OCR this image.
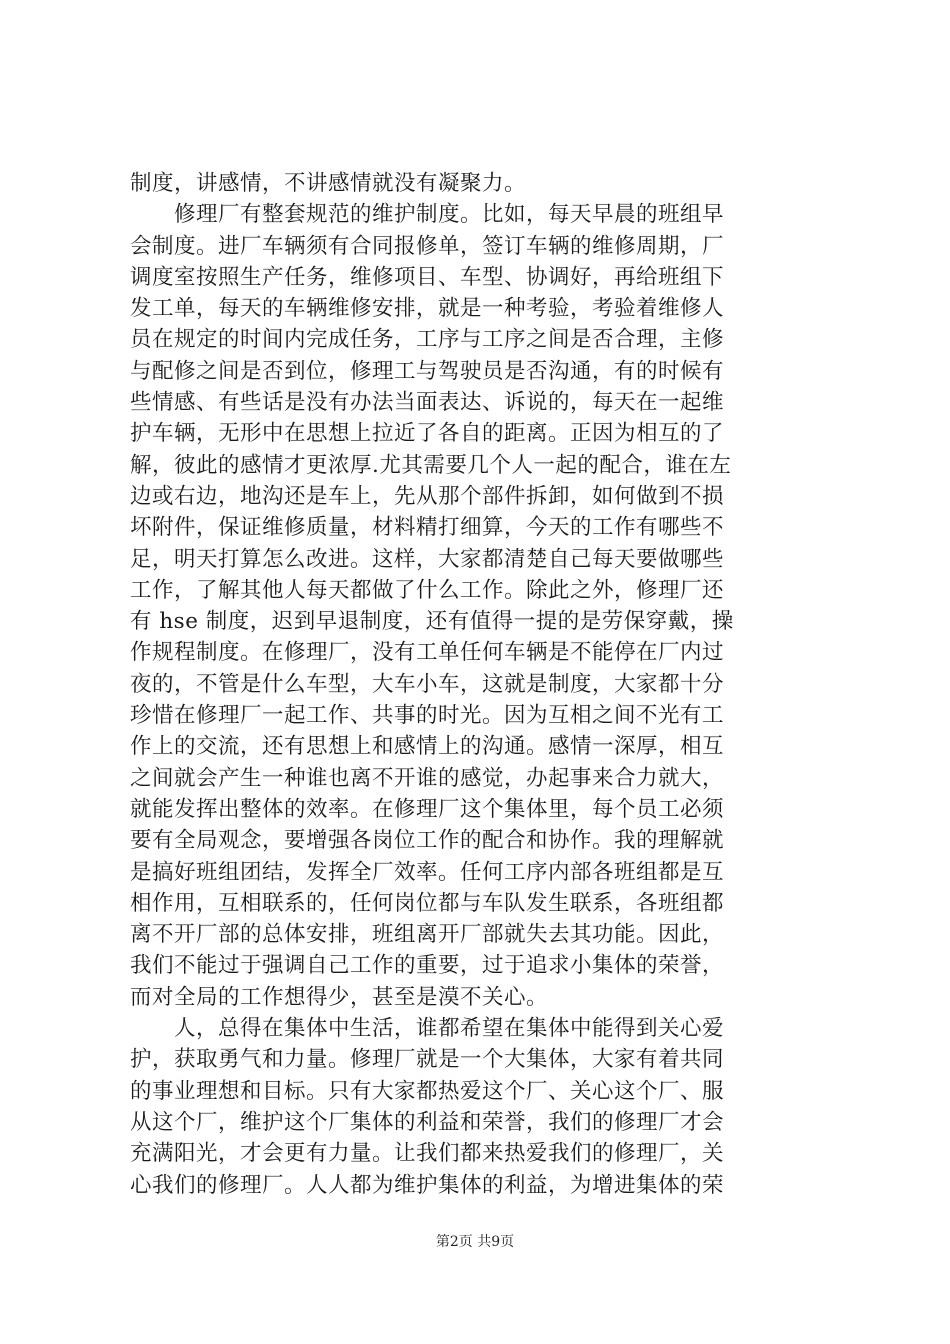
制度，讲感情，不讲感情就没有凝聚力。
　　修理厂有整套规范的维护制度。比如，每天早晨的班组早
会制度。进厂车辆须有合同报修单，签订车辆的维修周期，厂
调度室按照生产任务，维修项目、车型、协调好，再给班组下
发工单，每天的车辆维修安排，就是一种考验，考验着维修人
员在规定的时间内完成任务，工序与工序之间是否合理，主修
与配修之间是否到位，修理工与驾驶员是否沟通，有的时候有
些情感、有些话是没有办法当面表达、诉说的，每天在一起维
护车辆，无形中在思想上拉近了各自的距离。正因为相互的了
解，彼此的感情才更浓厚.尤其需要几个人一起的配合，谁在左
边或右边，地沟还是车上，先从那个部件拆卸，如何做到不损
坏附件，保证维修质量，材料精打细算，今天的工作有哪些不
足，明天打算怎么改进。这样，大家都清楚自己每天要做哪些
工作，了解其他人每天都做了什么工作。除此之外，修理厂还
有 hse 制度，迟到早退制度，还有值得一提的是劳保穿戴，操
作规程制度。在修理厂，没有工单任何车辆是不能停在厂内过
夜的，不管是什么车型，大车小车，这就是制度，大家都十分
珍惜在修理厂一起工作、共事的时光。因为互相之间不光有工
作上的交流，还有思想上和感情上的沟通。感情一深厚，相互
之间就会产生一种谁也离不开谁的感觉，办起事来合力就大，
就能发挥出整体的效率。在修理厂这个集体里，每个员工必须
要有全局观念，要增强各岗位工作的配合和协作。我的理解就
是搞好班组团结，发挥全厂效率。任何工序内部各班组都是互
相作用，互相联系的，任何岗位都与车队发生联系，各班组都
离不开厂部的总体安排，班组离开厂部就失去其功能。因此，
我们不能过于强调自己工作的重要，过于追求小集体的荣誉，
而对全局的工作想得少，甚至是漠不关心。
　　人，总得在集体中生活，谁都希望在集体中能得到关心爱
护，获取勇气和力量。修理厂就是一个大集体，大家有着共同
的事业理想和目标。只有大家都热爱这个厂、关心这个厂、服
从这个厂，维护这个厂集体的利益和荣誉，我们的修理厂才会
充满阳光，才会更有力量。让我们都来热爱我们的修理厂，关
心我们的修理厂。人人都为维护集体的利益，为增进集体的荣
第2页 共9页
